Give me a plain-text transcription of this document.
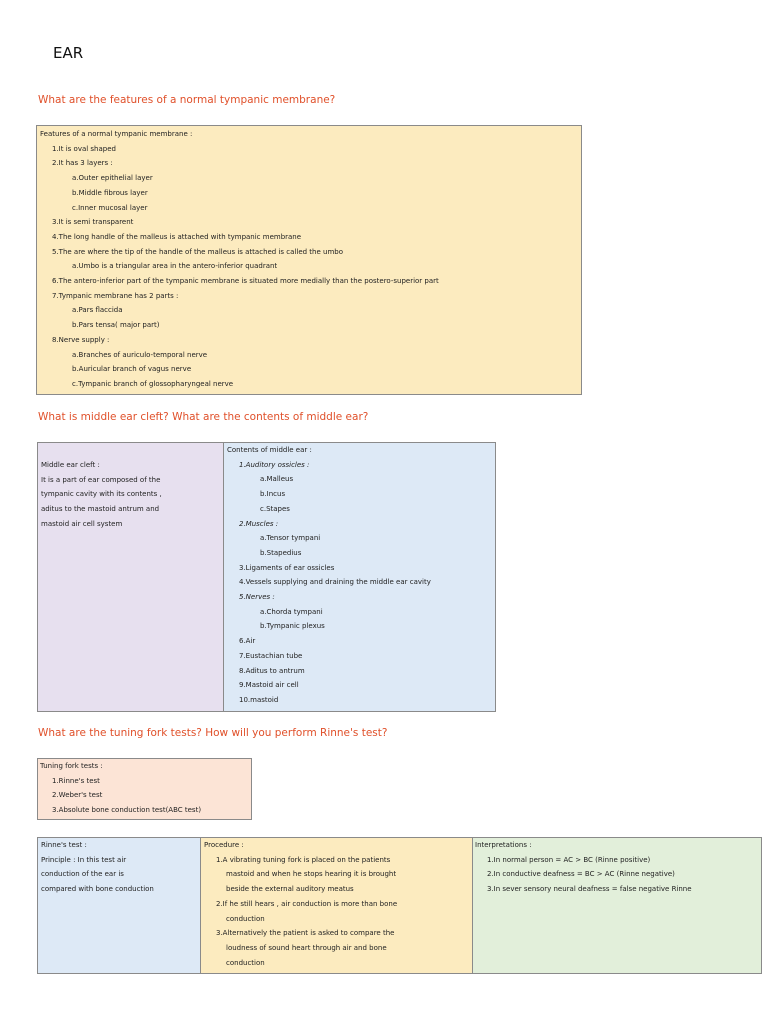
EAR
What are the features of a normal tympanic membrane?
Features of a normal tympanic membrane :
1.It is oval shaped
2.It has 3 layers :
a.Outer epithelial layer
b.Middle fibrous layer
c.Inner mucosal layer
3.It is semi transparent
4.The long handle of the malleus is attached with tympanic membrane
5.The are where the tip of the handle of the malleus is attached is called the umbo
a.Umbo is a triangular area in the antero-inferior quadrant
6.The antero-inferior part of the tympanic membrane is situated more medially than the postero-superior part
7.Tympanic membrane has 2 parts :
a.Pars flaccida
b.Pars tensa( major part)
8.Nerve supply :
a.Branches of auriculo-temporal nerve
b.Auricular branch of vagus nerve
c.Tympanic branch of glossopharyngeal nerve
What is middle ear cleft? What are the contents of middle ear?
Middle ear cleft :
It is a part of ear composed of the
tympanic cavity with its contents ,
aditus to the mastoid antrum and
mastoid air cell system
Contents of middle ear :
1.Auditory ossicles :
a.Malleus
b.Incus
c.Stapes
2.Muscles :
a.Tensor tympani
b.Stapedius
3.Ligaments of ear ossicles
4.Vessels supplying and draining the middle ear cavity
5.Nerves :
a.Chorda tympani
b.Tympanic plexus
6.Air
7.Eustachian tube
8.Aditus to antrum
9.Mastoid air cell
10.mastoid
What are the tuning fork tests? How will you perform Rinne's test?
Tuning fork tests :
1.Rinne's test
2.Weber's test
3.Absolute bone conduction test(ABC test)
Rinne's test :
Principle : In this test air
conduction of the ear is
compared with bone conduction
Procedure :
1.A vibrating tuning fork is placed on the patients
mastoid and when he stops hearing it is brought
beside the external auditory meatus
2.If he still hears , air conduction is more than bone
conduction
3.Alternatively the patient is asked to compare the
loudness of sound heart through air and bone
conduction
Interpretations :
1.In normal person = AC > BC (Rinne positive)
2.In conductive deafness = BC > AC (Rinne negative)
3.In sever sensory neural deafness = false negative Rinne
